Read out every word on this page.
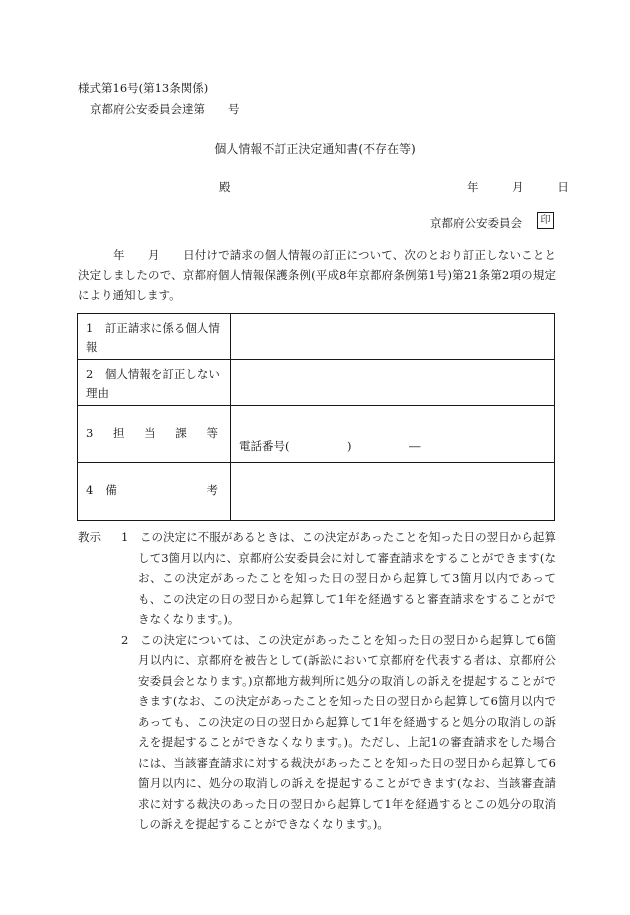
様式第16号(第13条関係)
京都府公安委員会達第　　号
個人情報不訂正決定通知書(不存在等)
殿	年	月	日
京都府公安委員会	印
　　　年　　月　　日付けで請求の個人情報の訂正について、次のとおり訂正しないことと決定しましたので、京都府個人情報保護条例(平成8年京都府条例第1号)第21条第2項の規定により通知します。
1　訂正請求に係る個人情報	
2　個人情報を訂正しない理由	

3 担 当 課 等	電話番号(　　　　　)　　　　　―

4 備 考	

教示 1　この決定に不服があるときは、この決定があったことを知った日の翌日から起算して3箇月以内に、京都府公安委員会に対して審査請求をすることができます(なお、この決定があったことを知った日の翌日から起算して3箇月以内であっても、この決定の日の翌日から起算して1年を経過すると審査請求をすることができなくなります。)。
2　この決定については、この決定があったことを知った日の翌日から起算して6箇月以内に、京都府を被告として(訴訟において京都府を代表する者は、京都府公安委員会となります。)京都地方裁判所に処分の取消しの訴えを提起することができます(なお、この決定があったことを知った日の翌日から起算して6箇月以内であっても、この決定の日の翌日から起算して1年を経過すると処分の取消しの訴えを提起することができなくなります。)。ただし、上記1の審査請求をした場合には、当該審査請求に対する裁決があったことを知った日の翌日から起算して6箇月以内に、処分の取消しの訴えを提起することができます(なお、当該審査請求に対する裁決のあった日の翌日から起算して1年を経過するとこの処分の取消しの訴えを提起することができなくなります。)。
